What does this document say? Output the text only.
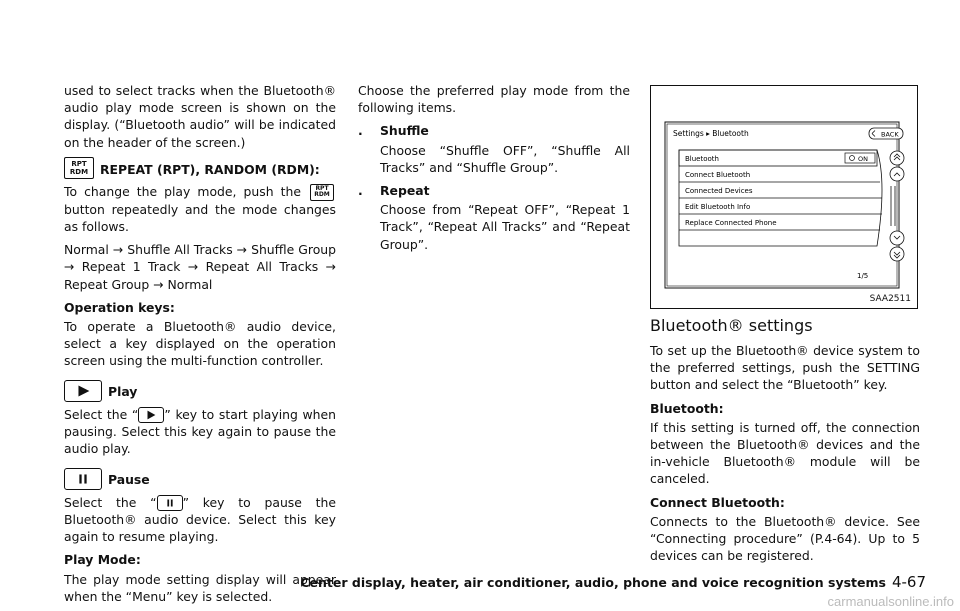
used to select tracks when the Bluetooth® audio play mode screen is shown on the display. (“Bluetooth audio” will be indicated on the header of the screen.)

RPT
RDM REPEAT (RPT), RANDOM (RDM):

To change the play mode, push the RPT
RDM
button repeatedly and the mode changes as follows.

Normal → Shuffle All Tracks → Shuffle Group → Repeat 1 Track → Repeat All Tracks → Repeat Group → Normal

Operation keys:

To operate a Bluetooth® audio device, select a key displayed on the operation screen using the multi-function controller.

Play

Select the “ ” key to start playing when pausing. Select this key again to pause the audio play.

Pause

Select the “ ” key to pause the Bluetooth® audio device. Select this key again to resume playing.

Play Mode:

The play mode setting display will appear when the “Menu” key is selected.

Choose the preferred play mode from the following items.

.	Shuffle

Choose “Shuffle OFF”, “Shuffle All Tracks” and “Shuffle Group”.

.	Repeat

Choose from “Repeat OFF”, “Repeat 1 Track”, “Repeat All Tracks” and “Repeat Group”.

Settings ▸ Bluetooth	BACK
Bluetooth	ON
Connect Bluetooth
Connected Devices
Edit Bluetooth Info
Replace Connected Phone
1/5
SAA2511
Bluetooth® settings

To set up the Bluetooth® device system to the preferred settings, push the SETTING button and select the “Bluetooth” key.

Bluetooth:

If this setting is turned off, the connection between the Bluetooth® devices and the in-vehicle Bluetooth® module will be canceled.

Connect Bluetooth:

Connects to the Bluetooth® device. See “Connecting procedure” (P.4-64). Up to 5 devices can be registered.

Center display, heater, air conditioner, audio, phone and voice recognition systems 4-67
carmanualsonline.info
